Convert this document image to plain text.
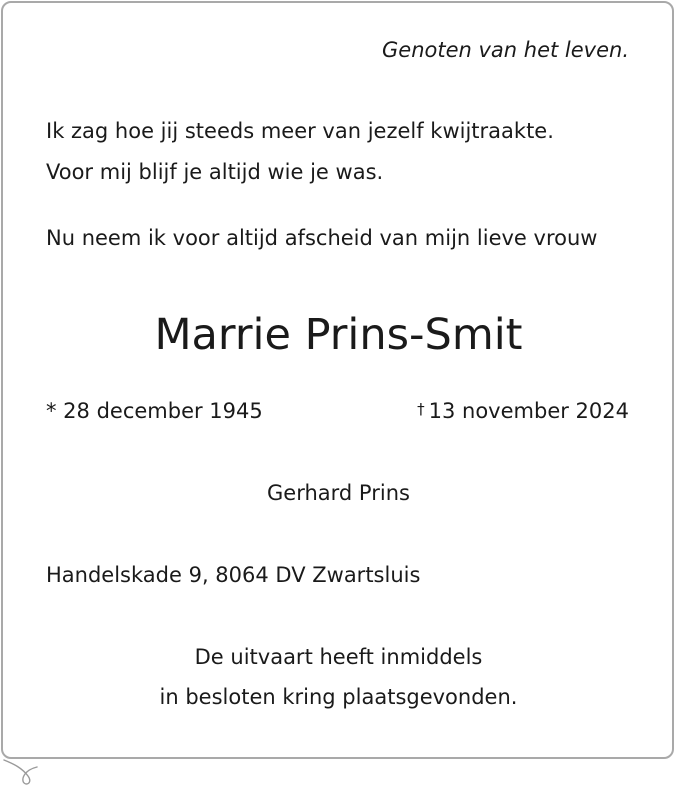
Genoten van het leven.

Ik zag hoe jij steeds meer van jezelf kwijtraakte.

Voor mij blijf je altijd wie je was.

Nu neem ik voor altijd afscheid van mijn lieve vrouw

Marrie Prins-Smit

* 28 december 1945	† 13 november 2024

Gerhard Prins

Handelskade 9, 8064 DV Zwartsluis

De uitvaart heeft inmiddels

in besloten kring plaatsgevonden.
